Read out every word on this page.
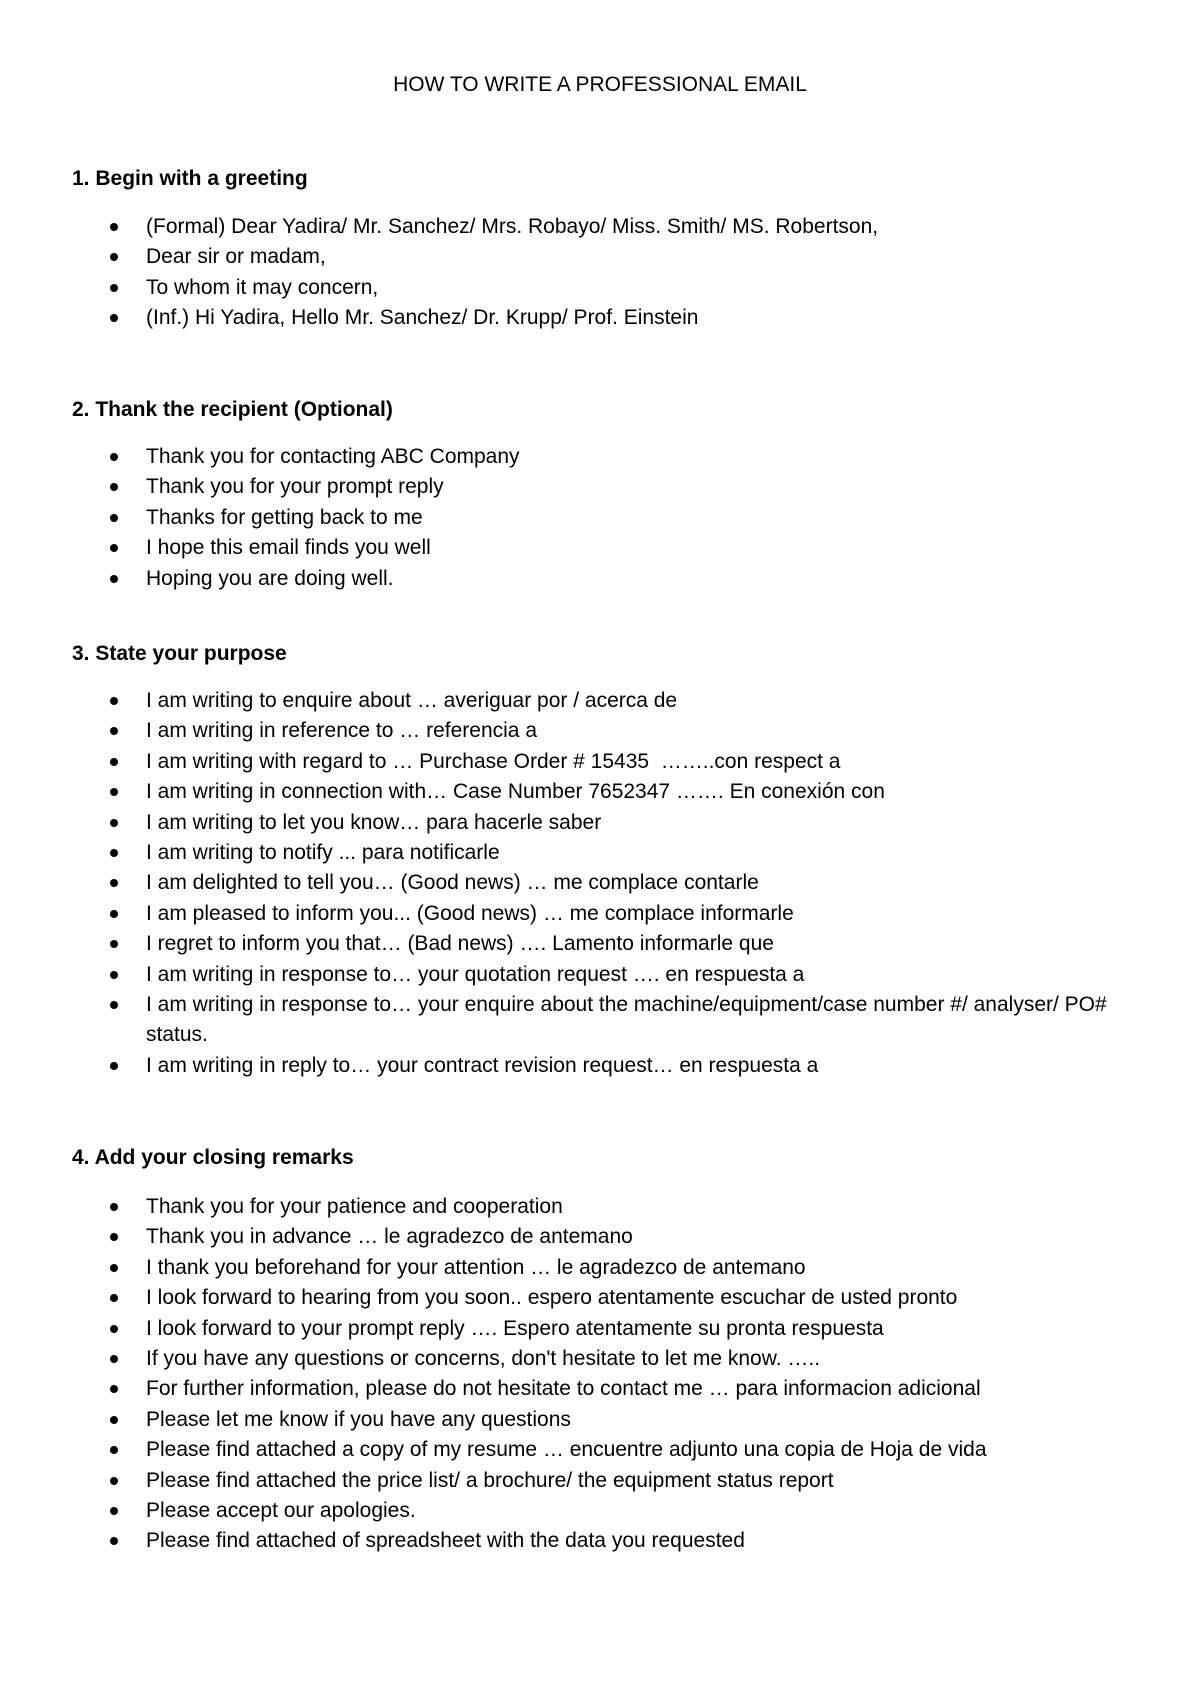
HOW TO WRITE A PROFESSIONAL EMAIL
1. Begin with a greeting
(Formal) Dear Yadira/ Mr. Sanchez/ Mrs. Robayo/ Miss. Smith/ MS. Robertson,
Dear sir or madam,
To whom it may concern,
(Inf.) Hi Yadira, Hello Mr. Sanchez/ Dr. Krupp/ Prof. Einstein
2. Thank the recipient (Optional)
Thank you for contacting ABC Company
Thank you for your prompt reply
Thanks for getting back to me
I hope this email finds you well
Hoping you are doing well.
3. State your purpose
I am writing to enquire about … averiguar por / acerca de
I am writing in reference to … referencia a
I am writing with regard to … Purchase Order # 15435  ……..con respect a
I am writing in connection with… Case Number 7652347 ……. En conexión con
I am writing to let you know… para hacerle saber
I am writing to notify ... para notificarle
I am delighted to tell you… (Good news) … me complace contarle
I am pleased to inform you... (Good news) … me complace informarle
I regret to inform you that… (Bad news) …. Lamento informarle que
I am writing in response to… your quotation request …. en respuesta a
I am writing in response to… your enquire about the machine/equipment/case number #/ analyser/ PO# status.
I am writing in reply to… your contract revision request… en respuesta a
4. Add your closing remarks
Thank you for your patience and cooperation
Thank you in advance … le agradezco de antemano
I thank you beforehand for your attention … le agradezco de antemano
I look forward to hearing from you soon.. espero atentamente escuchar de usted pronto
I look forward to your prompt reply …. Espero atentamente su pronta respuesta
If you have any questions or concerns, don't hesitate to let me know. …..
For further information, please do not hesitate to contact me … para informacion adicional
Please let me know if you have any questions
Please find attached a copy of my resume … encuentre adjunto una copia de Hoja de vida
Please find attached the price list/ a brochure/ the equipment status report
Please accept our apologies.
Please find attached of spreadsheet with the data you requested
